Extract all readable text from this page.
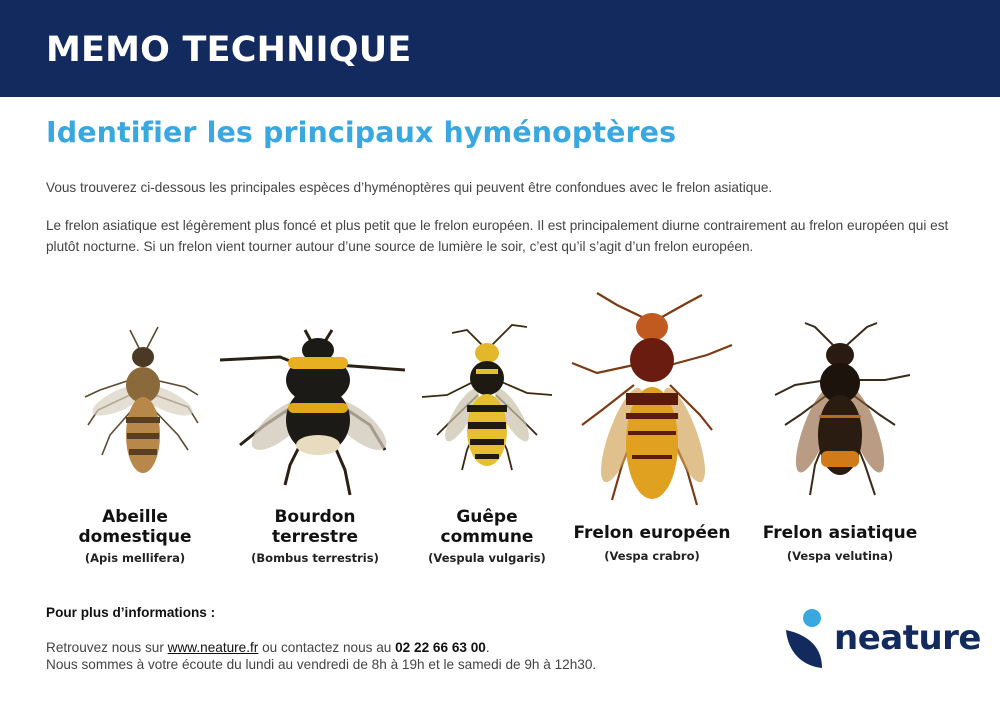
MEMO TECHNIQUE
Identifier les principaux hyménoptères

Vous trouverez ci-dessous les principales espèces d’hyménoptères qui peuvent être confondues avec le frelon asiatique.

Le frelon asiatique est légèrement plus foncé et plus petit que le frelon européen. Il est principalement diurne contrairement au frelon européen qui est plutôt nocturne. Si un frelon vient tourner autour d’une source de lumière le soir, c’est qu’il s’agit d’un frelon européen.

Abeille
domestique
(Apis mellifera)
Bourdon
terrestre
(Bombus terrestris)
Guêpe
commune
(Vespula vulgaris)
Frelon européen
(Vespa crabro)
Frelon asiatique
(Vespa velutina)
Pour plus d’informations :
Retrouvez nous sur www.neature.fr ou contactez nous au 02 22 66 63 00.
Nous sommes à votre écoute du lundi au vendredi de 8h à 19h et le samedi de 9h à 12h30.
neature
